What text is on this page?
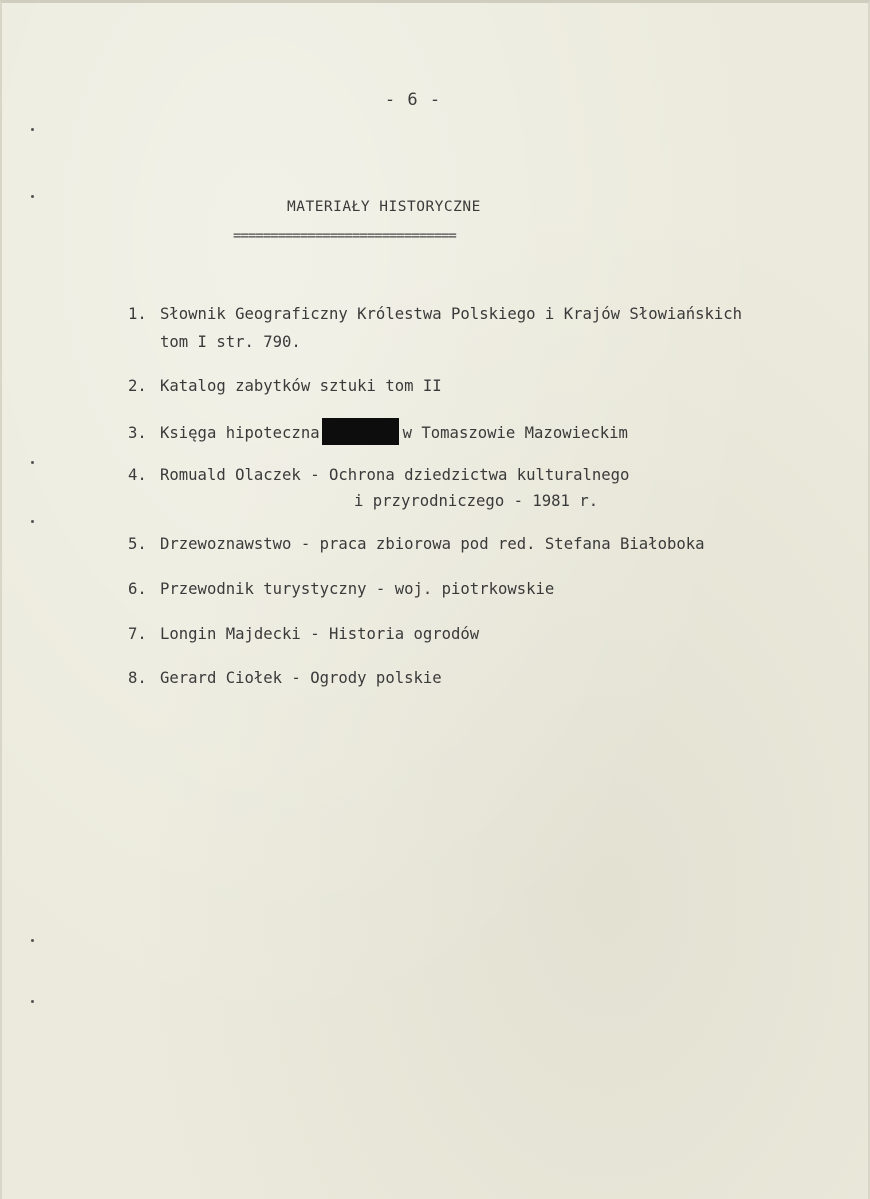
- 6 -
MATERIAŁY HISTORYCZNE
==============================
1. Słownik Geograficzny Królestwa Polskiego i Krajów Słowiańskich
tom I str. 790.
2. Katalog zabytków sztuki tom II
3. Księga hipoteczna	w Tomaszowie Mazowieckim
4. Romuald Olaczek - Ochrona dziedzictwa kulturalnego
i przyrodniczego - 1981 r.
5. Drzewoznawstwo - praca zbiorowa pod red. Stefana Białoboka
6. Przewodnik turystyczny - woj. piotrkowskie
7. Longin Majdecki - Historia ogrodów
8. Gerard Ciołek - Ogrody polskie
